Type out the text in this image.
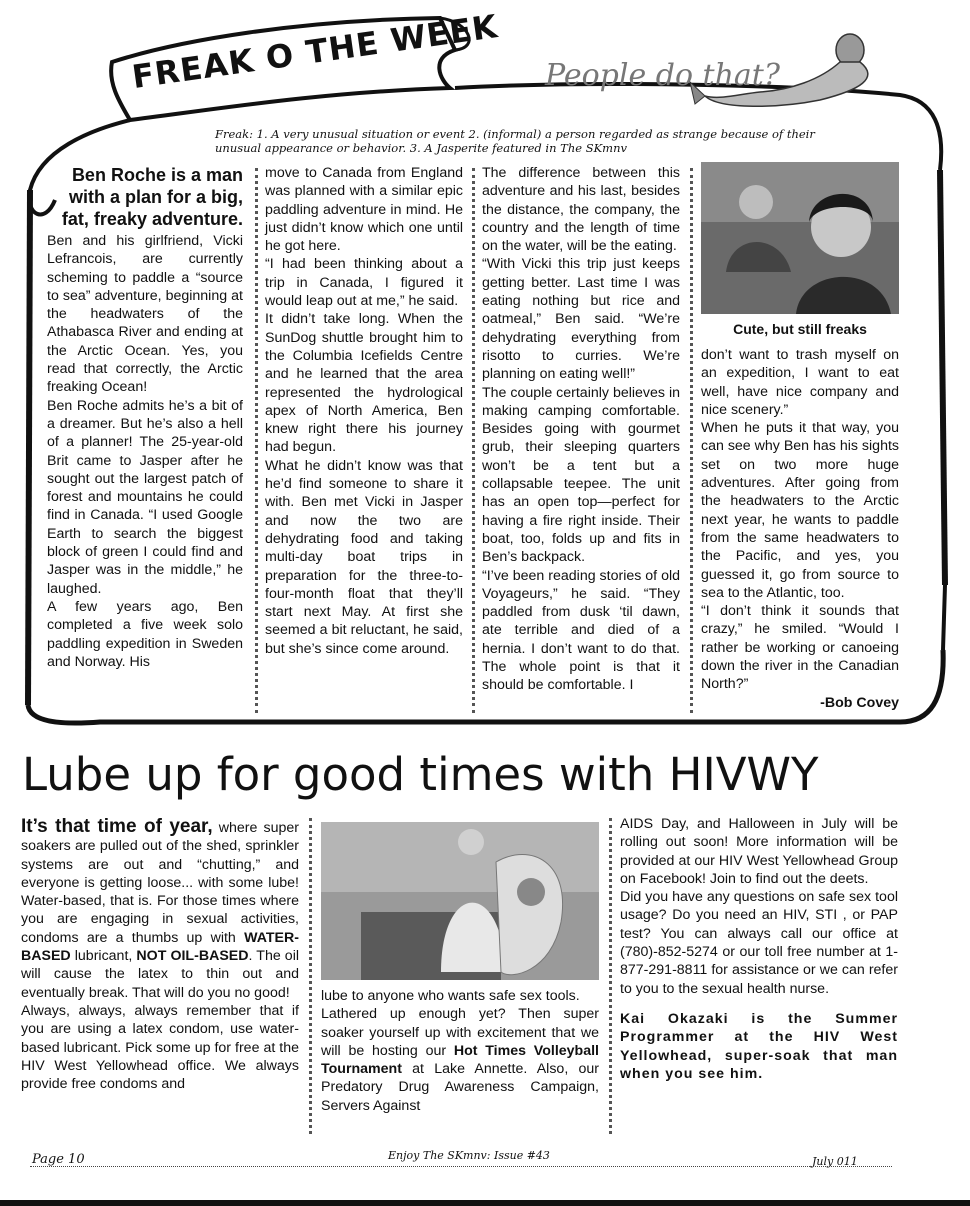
FREAK O THE WEEK People do that?
Freak: 1. A very unusual situation or event 2. (informal) a person regarded as strange because of their unusual appearance or behavior. 3. A Jasperite featured in The SKmnv

Ben Roche is a man with a plan for a big, fat, freaky adventure.

Ben and his girlfriend, Vicki Lefrancois, are currently scheming to paddle a “source to sea” adventure, beginning at the headwaters of the Athabasca River and ending at the Arctic Ocean. Yes, you read that correctly, the Arctic freaking Ocean!

Ben Roche admits he’s a bit of a dreamer. But he’s also a hell of a planner! The 25-year-old Brit came to Jasper after he sought out the largest patch of forest and mountains he could find in Canada. “I used Google Earth to search the biggest block of green I could find and Jasper was in the middle,” he laughed.

A few years ago, Ben completed a five week solo paddling expedition in Sweden and Norway. His

move to Canada from England was planned with a similar epic paddling adventure in mind. He just didn’t know which one until he got here.

“I had been thinking about a trip in Canada, I figured it would leap out at me,” he said.

It didn’t take long. When the SunDog shuttle brought him to the Columbia Icefields Centre and he learned that the area represented the hydrological apex of North America, Ben knew right there his journey had begun.

What he didn’t know was that he’d find someone to share it with. Ben met Vicki in Jasper and now the two are dehydrating food and taking multi-day boat trips in preparation for the three-to-four-month float that they’ll start next May. At first she seemed a bit reluctant, he said, but she’s since come around.

The difference between this adventure and his last, besides the distance, the company, the country and the length of time on the water, will be the eating.

“With Vicki this trip just keeps getting better. Last time I was eating nothing but rice and oatmeal,” Ben said. “We’re dehydrating everything from risotto to curries. We’re planning on eating well!”

The couple certainly believes in making camping comfortable. Besides going with gourmet grub, their sleeping quarters won’t be a tent but a collapsable teepee. The unit has an open top—perfect for having a fire right inside. Their boat, too, folds up and fits in Ben’s backpack.

“I’ve been reading stories of old Voyageurs,” he said. “They paddled from dusk ‘til dawn, ate terrible and died of a hernia. I don’t want to do that. The whole point is that it should be comfortable. I

Cute, but still freaks

don’t want to trash myself on an expedition, I want to eat well, have nice company and nice scenery.”

When he puts it that way, you can see why Ben has his sights set on two more huge adventures. After going from the headwaters to the Arctic next year, he wants to paddle from the same headwaters to the Pacific, and yes, you guessed it, go from source to sea to the Atlantic, too.

“I don’t think it sounds that crazy,” he smiled. “Would I rather be working or canoeing down the river in the Canadian North?”

-Bob Covey

Lube up for good times with HIVWY

It’s that time of year, where super soakers are pulled out of the shed, sprinkler systems are out and “chutting,” and everyone is getting loose... with some lube! Water-based, that is. For those times where you are engaging in sexual activities, condoms are a thumbs up with WATER-BASED lubricant, NOT OIL-BASED. The oil will cause the latex to thin out and eventually break. That will do you no good!

Always, always, always remember that if you are using a latex condom, use water-based lubricant. Pick some up for free at the HIV West Yellowhead office. We always provide free condoms and

lube to anyone who wants safe sex tools.

Lathered up enough yet? Then super soaker yourself up with excitement that we will be hosting our Hot Times Volleyball Tournament at Lake Annette. Also, our Predatory Drug Awareness Campaign, Servers Against

AIDS Day, and Halloween in July will be rolling out soon! More information will be provided at our HIV West Yellowhead Group on Facebook! Join to find out the deets.

Did you have any questions on safe sex tool usage? Do you need an HIV, STI , or PAP test? You can always call our office at (780)-852-5274 or our toll free number at 1-877-291-8811 for assistance or we can refer to you to the sexual health nurse.

Kai Okazaki is the Summer Programmer at the HIV West Yellowhead, super-soak that man when you see him.

Page 10	Enjoy The SKmnv: Issue #43	July 011
